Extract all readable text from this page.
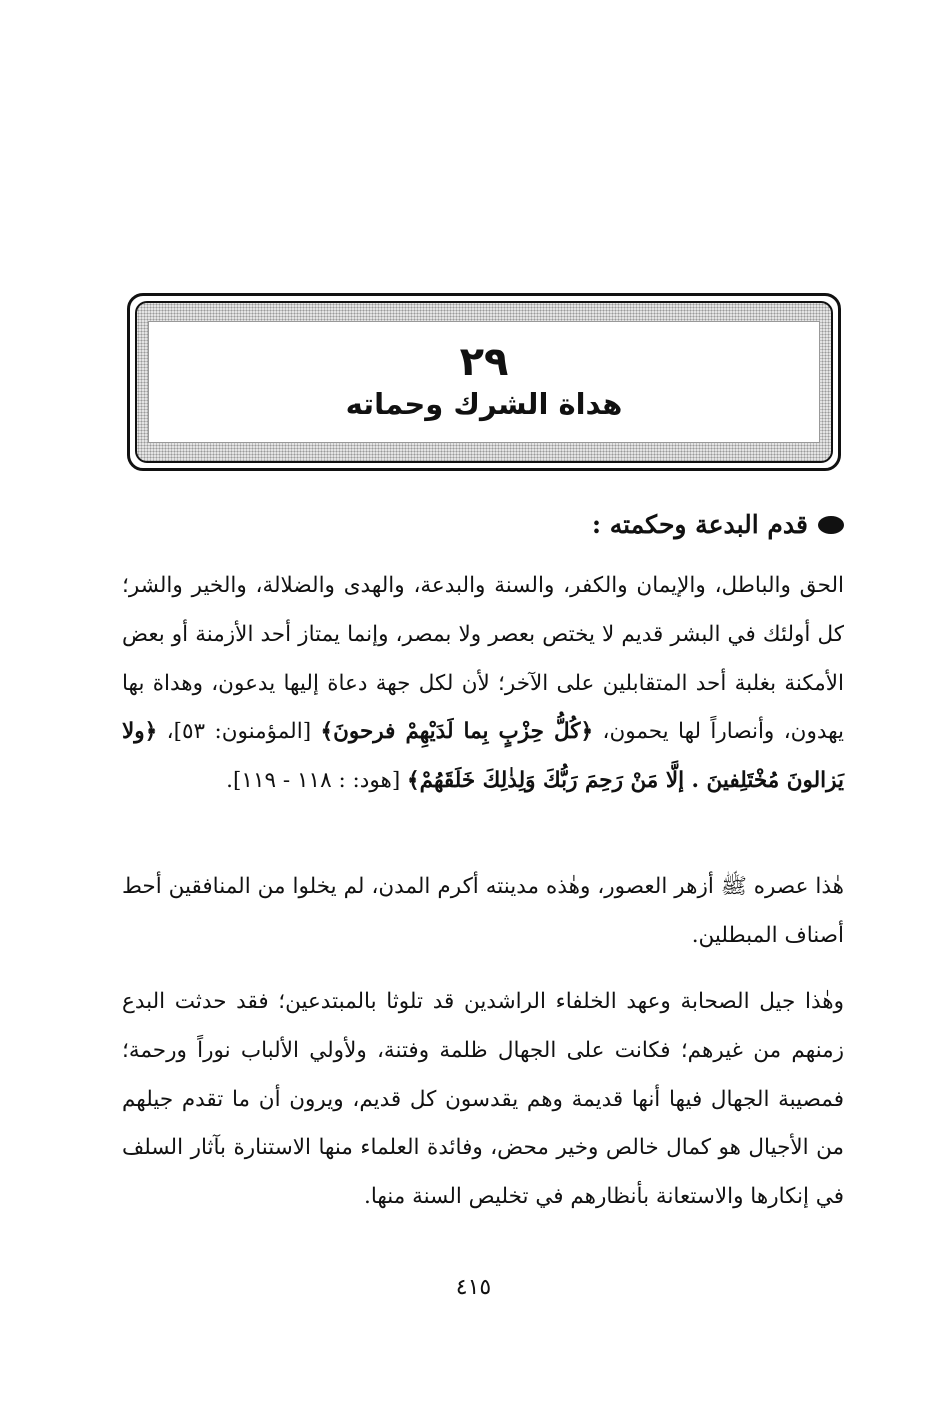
٢٩
هداة الشرك وحماته
قدم البدعة وحكمته :

الحق والباطل، والإيمان والكفر، والسنة والبدعة، والهدى والضلالة، والخير والشر؛ كل أولئك في البشر قديم لا يختص بعصر ولا بمصر، وإنما يمتاز أحد الأزمنة أو بعض الأمكنة بغلبة أحد المتقابلين على الآخر؛ لأن لكل جهة دعاة إليها يدعون، وهداة بها يهدون، وأنصاراً لها يحمون، ﴿كُلُّ حِزْبٍ بِما لَدَيْهِمْ فرحونَ﴾ [المؤمنون: ٥٣]، ﴿ولا يَزالونَ مُخْتَلِفينَ . إلَّا مَنْ رَحِمَ رَبُّكَ وَلِذٰلِكَ خَلَقَهُمْ﴾ [هود: : ١١٨ - ١١٩].

هٰذا عصره ﷺ أزهر العصور، وهٰذه مدينته أكرم المدن، لم يخلوا من المنافقين أحط أصناف المبطلين.

وهٰذا جيل الصحابة وعهد الخلفاء الراشدين قد تلوثا بالمبتدعين؛ فقد حدثت البدع زمنهم من غيرهم؛ فكانت على الجهال ظلمة وفتنة، ولأولي الألباب نوراً ورحمة؛ فمصيبة الجهال فيها أنها قديمة وهم يقدسون كل قديم، ويرون أن ما تقدم جيلهم من الأجيال هو كمال خالص وخير محض، وفائدة العلماء منها الاستنارة بآثار السلف في إنكارها والاستعانة بأنظارهم في تخليص السنة منها.

٤١٥
